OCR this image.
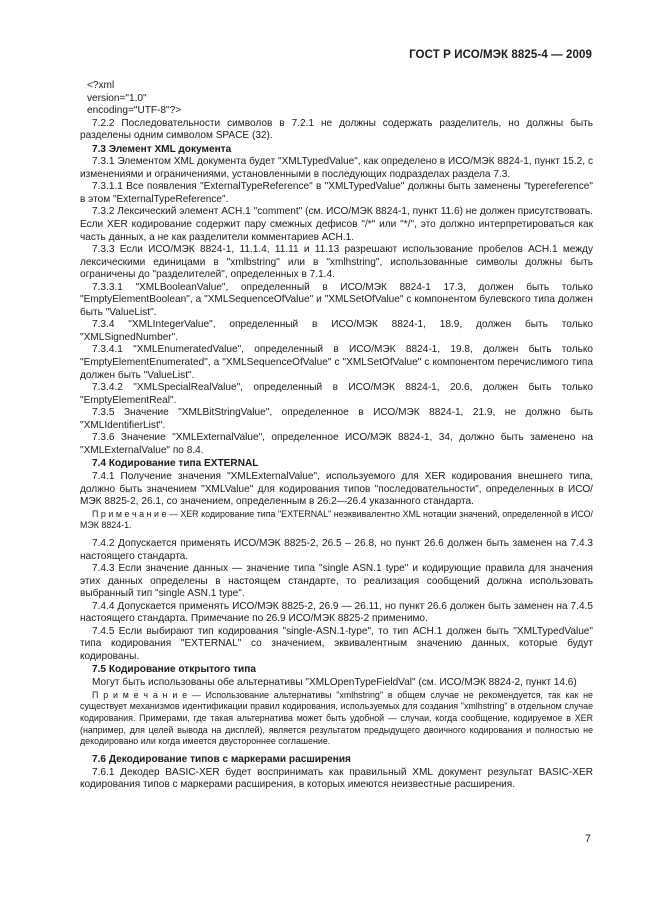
ГОСТ Р ИСО/МЭК 8825-4 — 2009

<?xml

version="1.0"

encoding="UTF-8"?>

7.2.2 Последовательности символов в 7.2.1 не должны содержать разделитель, но должны быть разделены одним символом SPACE (32).

7.3 Элемент XML документа

7.3.1 Элементом XML документа будет "XMLTypedValue", как определено в ИСО/МЭК 8824-1, пункт 15.2, с изменениями и ограничениями, установленными в последующих подразделах раздела 7.3.

7.3.1.1 Все появления "ExternalTypeReference" в "XMLTypedValue" должны быть заменены "typereference" в этом "ExternalTypeReference".

7.3.2 Лексический элемент АСН.1 "comment" (см. ИСО/МЭК 8824-1, пункт 11.6) не должен присутствовать. Если XER кодирование содержит пару смежных дефисов "/*" или "*/", это должно интерпретироваться как часть данных, а не как разделители комментариев АСН.1.

7.3.3 Если ИСО/МЭК 8824-1, 11.1.4, 11.11 и 11.13 разрешают использование пробелов АСН.1 между лексическими единицами в "xmlbstring" или в "xmlhstring", использованные символы должны быть ограничены до "разделителей", определенных в 7.1.4.

7.3.3.1 "XMLBooleanValue", определенный в ИСО/МЭК 8824-1 17.3, должен быть только "EmptyElementBoolean", а "XMLSequenceOfValue" и "XMLSetOfValue" с компонентом булевского типа должен быть "ValueList".

7.3.4 "XMLIntegerValue", определенный в ИСО/МЭК 8824-1, 18.9, должен быть только "XMLSignedNumber".

7.3.4.1 "XMLEnumeratedValue", определенный в ИСО/МЭК 8824-1, 19.8, должен быть только "EmptyElementEnumerated", а "XMLSequenceOfValue" с "XMLSetOfValue" с компонентом перечислимого типа должен быть "ValueList".

7.3.4.2 "XMLSpecialRealValue", определенный в ИСО/МЭК 8824-1, 20.6, должен быть только "EmptyElementReal".

7.3.5 Значение "XMLBitStringValue", определенное в ИСО/МЭК 8824-1, 21.9, не должно быть "XMLIdentifierList".

7.3.6 Значение "XMLExternalValue", определенное ИСО/МЭК 8824-1, 34, должно быть заменено на "XMLExternalValue" по 8.4.

7.4 Кодирование типа EXTERNAL

7.4.1 Получение значения "XMLExternalValue", используемого для XER кодирования внешнего типа, должно быть значением "XMLValue" для кодирования типов "последовательности", определенных в ИСО/МЭК 8825-2, 26.1, со значением, определенным в 26.2—26.4 указанного стандарта.

П р и м е ч а н и е — XER кодирование типа "EXTERNAL" неэквивалентно XML нотации значений, определенной в ИСО/МЭК 8824-1.

7.4.2 Допускается применять ИСО/МЭК 8825-2, 26.5 – 26.8, но пункт 26.6 должен быть заменен на 7.4.3 настоящего стандарта.

7.4.3 Если значение данных — значение типа "single ASN.1 type" и кодирующие правила для значения этих данных определены в настоящем стандарте, то реализация сообщений должна использовать выбранный тип "single ASN.1 type".

7.4.4 Допускается применять ИСО/МЭК 8825-2, 26.9 — 26.11, но пункт 26.6 должен быть заменен на 7.4.5 настоящего стандарта. Примечание по 26.9 ИСО/МЭК 8825-2 применимо.

7.4.5 Если выбирают тип кодирования "single-ASN.1-type", то тип АСН.1 должен быть "XMLTypedValue" типа кодирования "EXTERNAL" со значением, эквивалентным значению данных, которые будут кодированы.

7.5 Кодирование открытого типа

Могут быть использованы обе альтернативы "XMLOpenTypeFieldVal" (см. ИСО/МЭК 8824-2, пункт 14.6)

П р и м е ч а н и е — Использование альтернативы "xmlhstring" в общем случае не рекомендуется, так как не существует механизмов идентификации правил кодирования, используемых для создания "xmlhstring" в отдельном случае кодирования. Примерами, где такая альтернатива может быть удобной — случаи, когда сообщение, кодируемое в XER (например, для целей вывода на дисплей), является результатом предыдущего двоичного кодирования и полностью не декодировано или когда имеется двустороннее соглашение.

7.6 Декодирование типов с маркерами расширения

7.6.1 Декодер BASIC-XER будет воспринимать как правильный XML документ результат BASIC-XER кодирования типов с маркерами расширения, в которых имеются неизвестные расширения.

7
